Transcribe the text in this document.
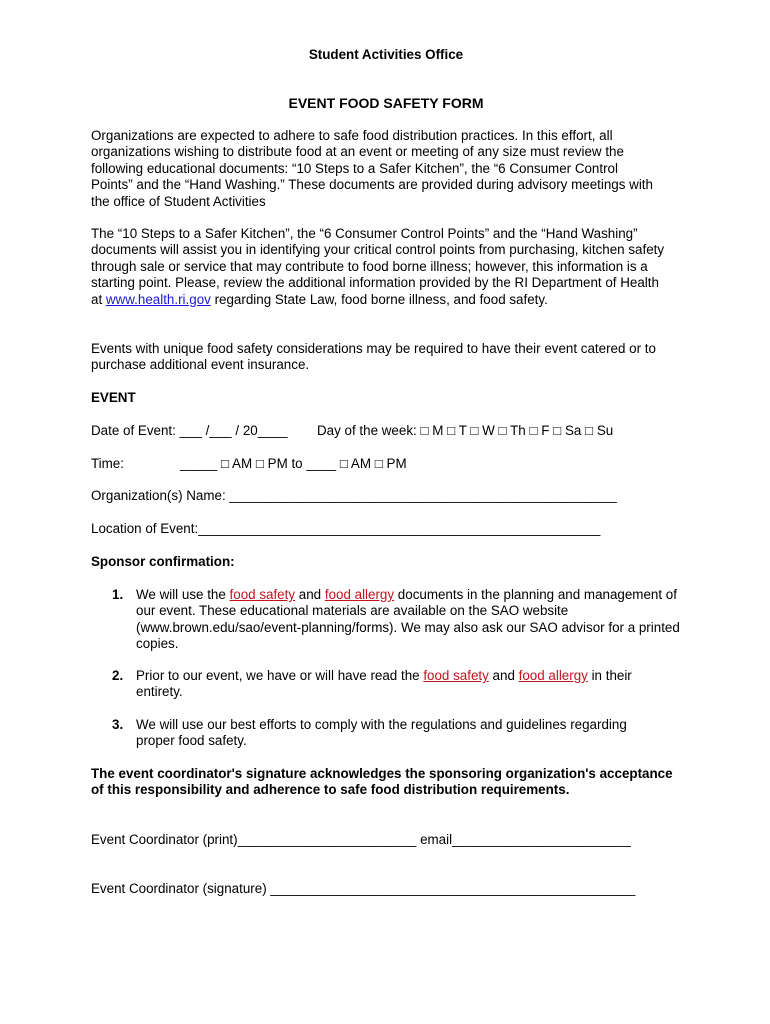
Student Activities Office
EVENT FOOD SAFETY FORM

Organizations are expected to adhere to safe food distribution practices. In this effort, all organizations wishing to distribute food at an event or meeting of any size must review the following educational documents: “10 Steps to a Safer Kitchen”, the “6 Consumer Control Points” and the “Hand Washing.” These documents are provided during advisory meetings with the office of Student Activities

The “10 Steps to a Safer Kitchen”, the “6 Consumer Control Points” and the “Hand Washing” documents will assist you in identifying your critical control points from purchasing, kitchen safety through sale or service that may contribute to food borne illness; however, this information is a starting point. Please, review the additional information provided by the RI Department of Health at www.health.ri.gov regarding State Law, food borne illness, and food safety.

Events with unique food safety considerations may be required to have their event catered or to purchase additional event insurance.

EVENT
Date of Event: ___ /___ / 20____ Day of the week: □ M □ T □ W □ Th □ F □ Sa □ Su
Time:	_____ □ AM □ PM to ____ □ AM □ PM
Organization(s) Name: ____________________________________________________
Location of Event:______________________________________________________
Sponsor confirmation:
1. We will use the food safety and food allergy documents in the planning and management of our event. These educational materials are available on the SAO website (www.brown.edu/sao/event-planning/forms). We may also ask our SAO advisor for a printed copies.

2. Prior to our event, we have or will have read the food safety and food allergy in their entirety.

3. We will use our best efforts to comply with the regulations and guidelines regarding proper food safety.

The event coordinator's signature acknowledges the sponsoring organization's acceptance of this responsibility and adherence to safe food distribution requirements.

Event Coordinator (print)________________________ email________________________
Event Coordinator (signature) _________________________________________________
